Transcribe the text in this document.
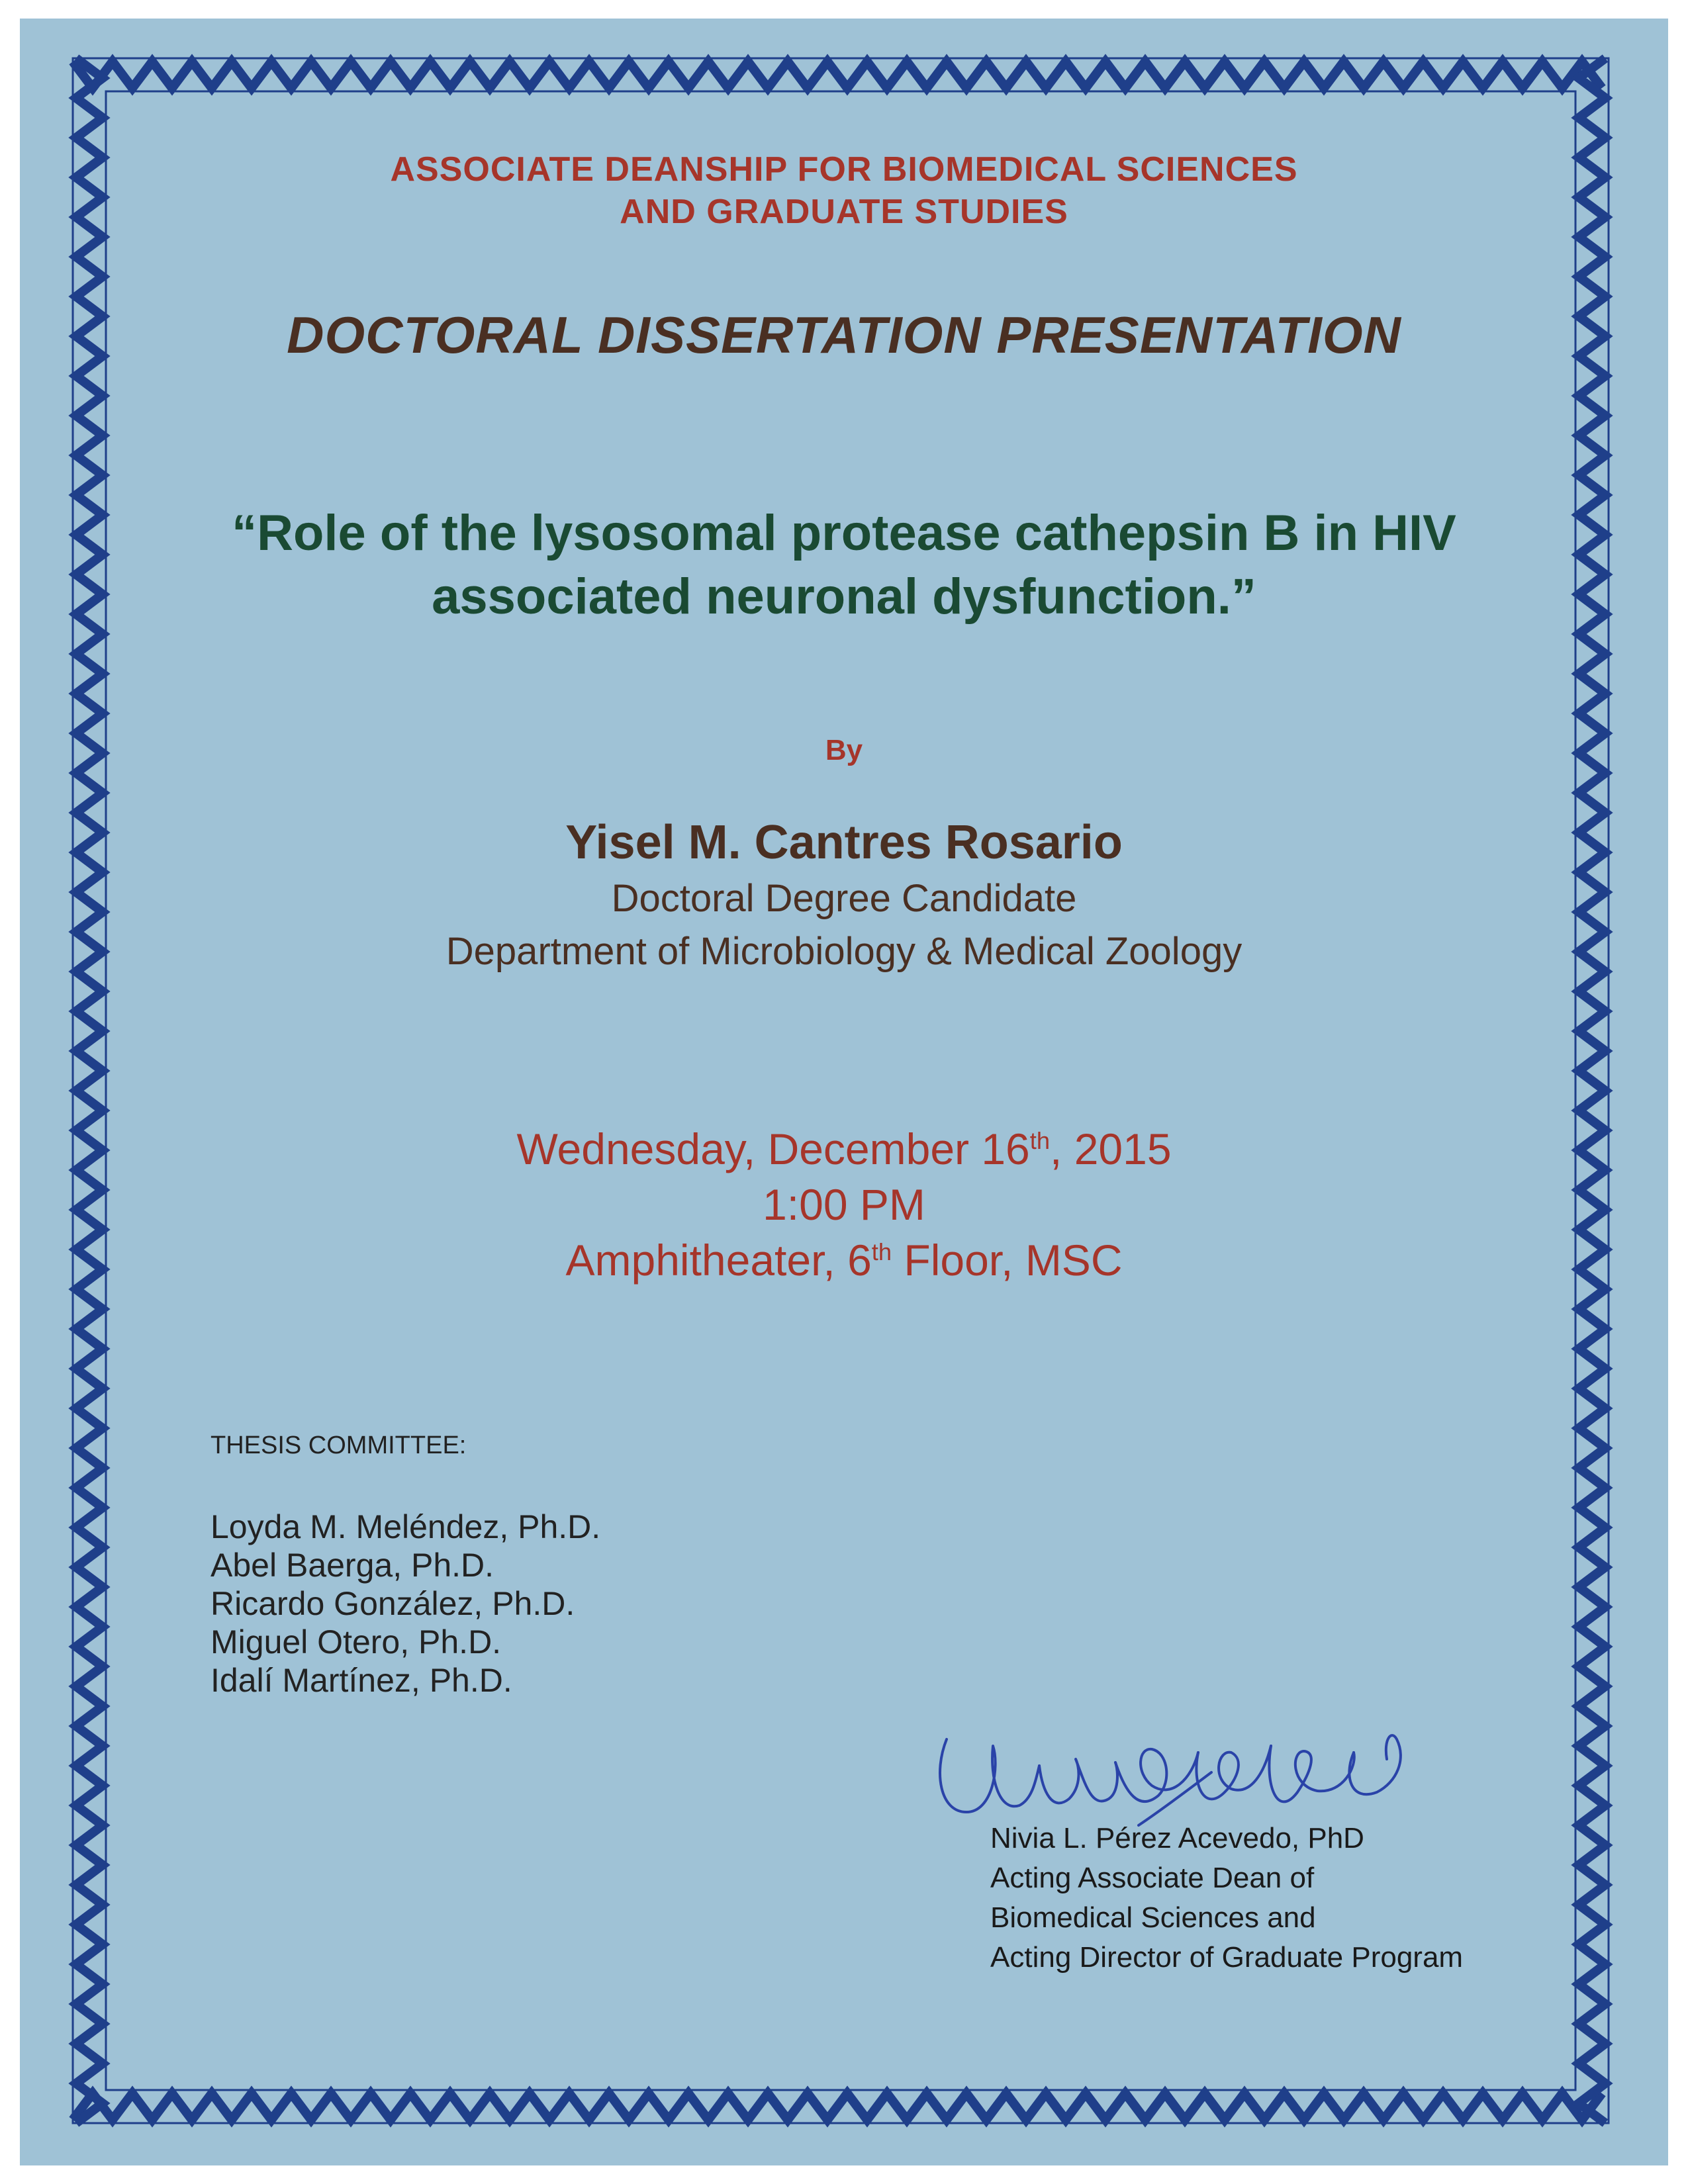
ASSOCIATE DEANSHIP FOR BIOMEDICAL SCIENCES
AND GRADUATE STUDIES
DOCTORAL DISSERTATION PRESENTATION
“Role of the lysosomal protease cathepsin B in HIV
associated neuronal dysfunction.”
By
Yisel M. Cantres Rosario
Doctoral Degree Candidate
Department of Microbiology & Medical Zoology
Wednesday, December 16th, 2015
1:00 PM
Amphitheater, 6th Floor, MSC
THESIS COMMITTEE:
Loyda M. Meléndez, Ph.D.
Abel Baerga, Ph.D.
Ricardo González, Ph.D.
Miguel Otero, Ph.D.
Idalí Martínez, Ph.D.
Nivia L. Pérez Acevedo, PhD
Acting Associate Dean of
Biomedical Sciences and
Acting Director of Graduate Program
